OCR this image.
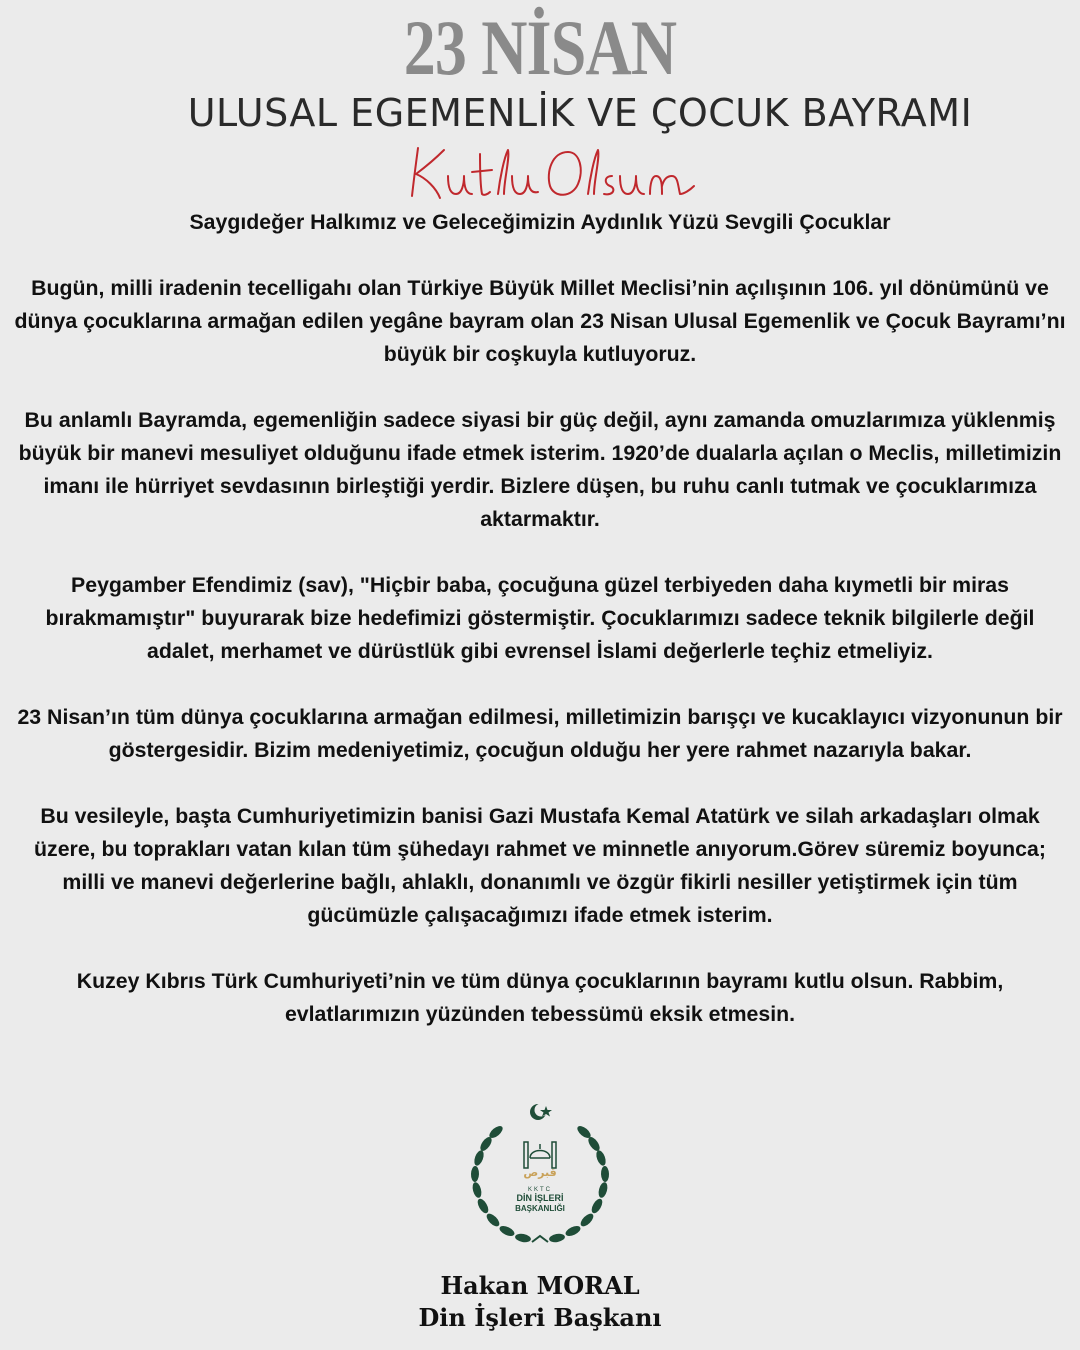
23 NİSAN
ULUSAL EGEMENLİK VE ÇOCUK BAYRAMI

Saygıdeğer Halkımız ve Geleceğimizin Aydınlık Yüzü Sevgili Çocuklar

Bugün, milli iradenin tecelligahı olan Türkiye Büyük Millet Meclisi’nin açılışının 106. yıl dönümünü ve dünya çocuklarına armağan edilen yegâne bayram olan 23 Nisan Ulusal Egemenlik ve Çocuk Bayramı’nı büyük bir coşkuyla kutluyoruz.

Bu anlamlı Bayramda, egemenliğin sadece siyasi bir güç değil, aynı zamanda omuzlarımıza yüklenmiş büyük bir manevi mesuliyet olduğunu ifade etmek isterim. 1920’de dualarla açılan o Meclis, milletimizin imanı ile hürriyet sevdasının birleştiği yerdir. Bizlere düşen, bu ruhu canlı tutmak ve çocuklarımıza aktarmaktır.

Peygamber Efendimiz (sav), "Hiçbir baba, çocuğuna güzel terbiyeden daha kıymetli bir miras bırakmamıştır" buyurarak bize hedefimizi göstermiştir. Çocuklarımızı sadece teknik bilgilerle değil adalet, merhamet ve dürüstlük gibi evrensel İslami değerlerle teçhiz etmeliyiz.

23 Nisan’ın tüm dünya çocuklarına armağan edilmesi, milletimizin barışçı ve kucaklayıcı vizyonunun bir göstergesidir. Bizim medeniyetimiz, çocuğun olduğu her yere rahmet nazarıyla bakar.

Bu vesileyle, başta Cumhuriyetimizin banisi Gazi Mustafa Kemal Atatürk ve silah arkadaşları olmak üzere, bu toprakları vatan kılan tüm şühedayı rahmet ve minnetle anıyorum.Görev süremiz boyunca; milli ve manevi değerlerine bağlı, ahlaklı, donanımlı ve özgür fikirli nesiller yetiştirmek için tüm gücümüzle çalışacağımızı ifade etmek isterim.

Kuzey Kıbrıs Türk Cumhuriyeti’nin ve tüm dünya çocuklarının bayramı kutlu olsun. Rabbim, evlatlarımızın yüzünden tebessümü eksik etmesin.

قبرص
KKTC
DİN İŞLERİ
BAŞKANLIĞI
Hakan MORAL
Din İşleri Başkanı
